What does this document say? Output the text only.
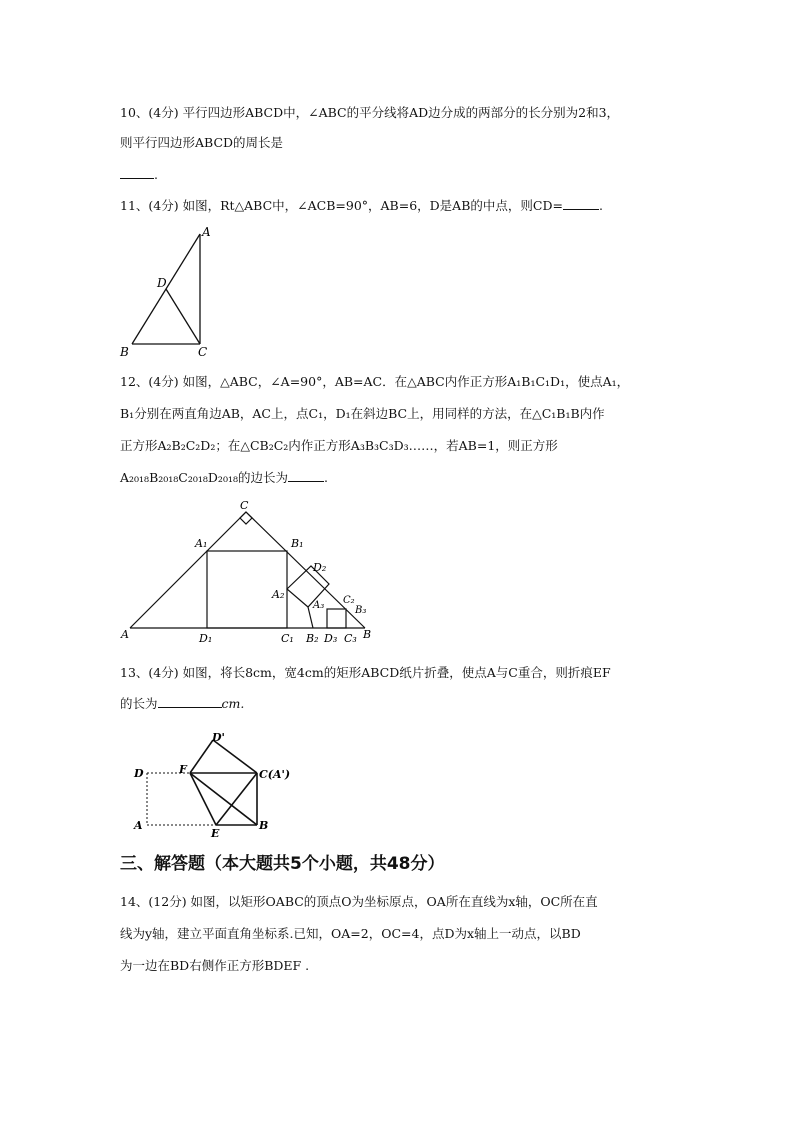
10、(4分) 平行四边形ABCD中，∠ABC的平分线将AD边分成的两部分的长分别为2和3，
则平行四边形ABCD的周长是
.
11、(4分) 如图，Rt△ABC中，∠ACB=90°，AB=6，D是AB的中点，则CD=	.
A
D
B	C
12、(4分) 如图，△ABC，∠A=90°，AB=AC．在△ABC内作正方形A₁B₁C₁D₁，使点A₁，
B₁分别在两直角边AB，AC上，点C₁，D₁在斜边BC上，用同样的方法，在△C₁B₁B内作
正方形A₂B₂C₂D₂；在△CB₂C₂内作正方形A₃B₃C₃D₃……，若AB=1，则正方形
A₂₀₁₈B₂₀₁₈C₂₀₁₈D₂₀₁₈的边长为	.
C
A₁	B₁
D₂
A₂
A₃ C₂
B₃
A	D₁	C₁ B₂ D₃ C₃ B
13、(4分) 如图，将长8cm，宽4cm的矩形ABCD纸片折叠，使点A与C重合，则折痕EF
的长为	cm.
D'
D	F	C(A')
A
E
B
三、解答题（本大题共5个小题，共48分）
14、(12分) 如图，以矩形OABC的顶点O为坐标原点，OA所在直线为x轴，OC所在直
线为y轴，建立平面直角坐标系.已知，OA=2，OC=4，点D为x轴上一动点，以BD
为一边在BD右侧作正方形BDEF .
